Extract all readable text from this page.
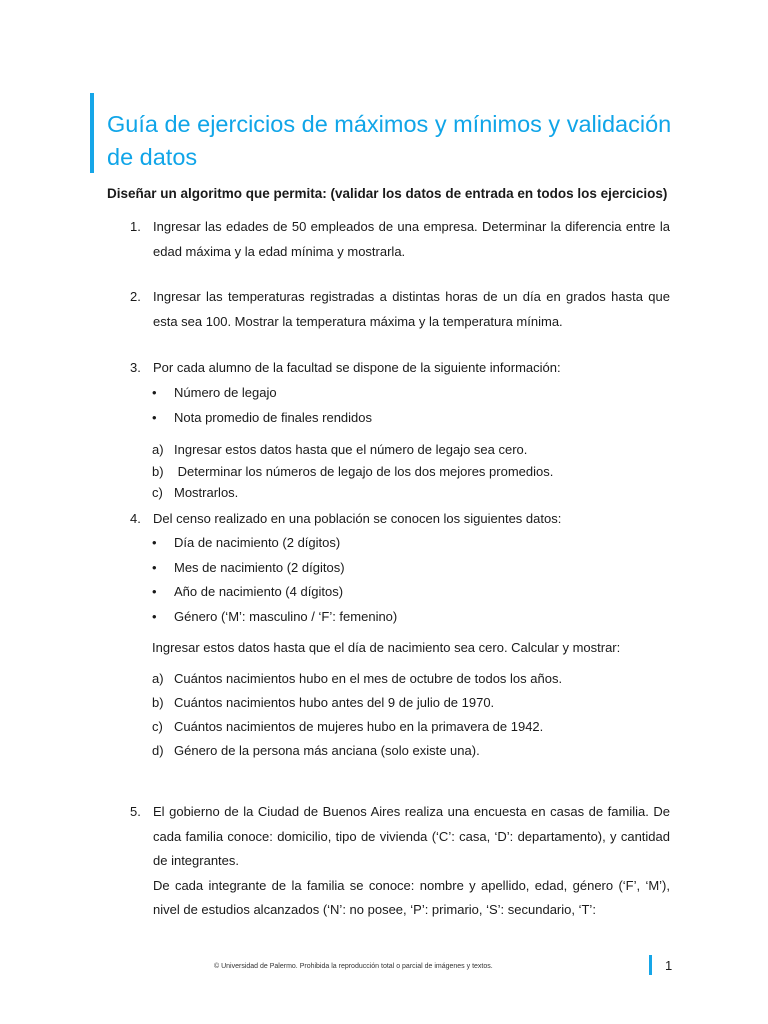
Guía de ejercicios de máximos y mínimos y validación de datos
Diseñar un algoritmo que permita: (validar los datos de entrada en todos los ejercicios)
1. Ingresar las edades de 50 empleados de una empresa. Determinar la diferencia entre la edad máxima y la edad mínima y mostrarla.
2. Ingresar las temperaturas registradas a distintas horas de un día en grados hasta que esta sea 100. Mostrar la temperatura máxima y la temperatura mínima.
3. Por cada alumno de la facultad se dispone de la siguiente información:
• Número de legajo
• Nota promedio de finales rendidos
a) Ingresar estos datos hasta que el número de legajo sea cero.
b) Determinar los números de legajo de los dos mejores promedios.
c) Mostrarlos.
4. Del censo realizado en una población se conocen los siguientes datos:
• Día de nacimiento (2 dígitos)
• Mes de nacimiento (2 dígitos)
• Año de nacimiento (4 dígitos)
• Género (‘M’: masculino / ‘F’: femenino)
Ingresar estos datos hasta que el día de nacimiento sea cero. Calcular y mostrar:
a) Cuántos nacimientos hubo en el mes de octubre de todos los años.
b) Cuántos nacimientos hubo antes del 9 de julio de 1970.
c) Cuántos nacimientos de mujeres hubo en la primavera de 1942.
d) Género de la persona más anciana (solo existe una).
5. El gobierno de la Ciudad de Buenos Aires realiza una encuesta en casas de familia. De cada familia conoce: domicilio, tipo de vivienda (‘C’: casa, ‘D’: departamento), y cantidad de integrantes.
De cada integrante de la familia se conoce: nombre y apellido, edad, género (‘F’, ‘M’), nivel de estudios alcanzados (‘N’: no posee, ‘P’: primario, ‘S’: secundario, ‘T’:
© Universidad de Palermo. Prohibida la reproducción total o parcial de imágenes y textos.	1
